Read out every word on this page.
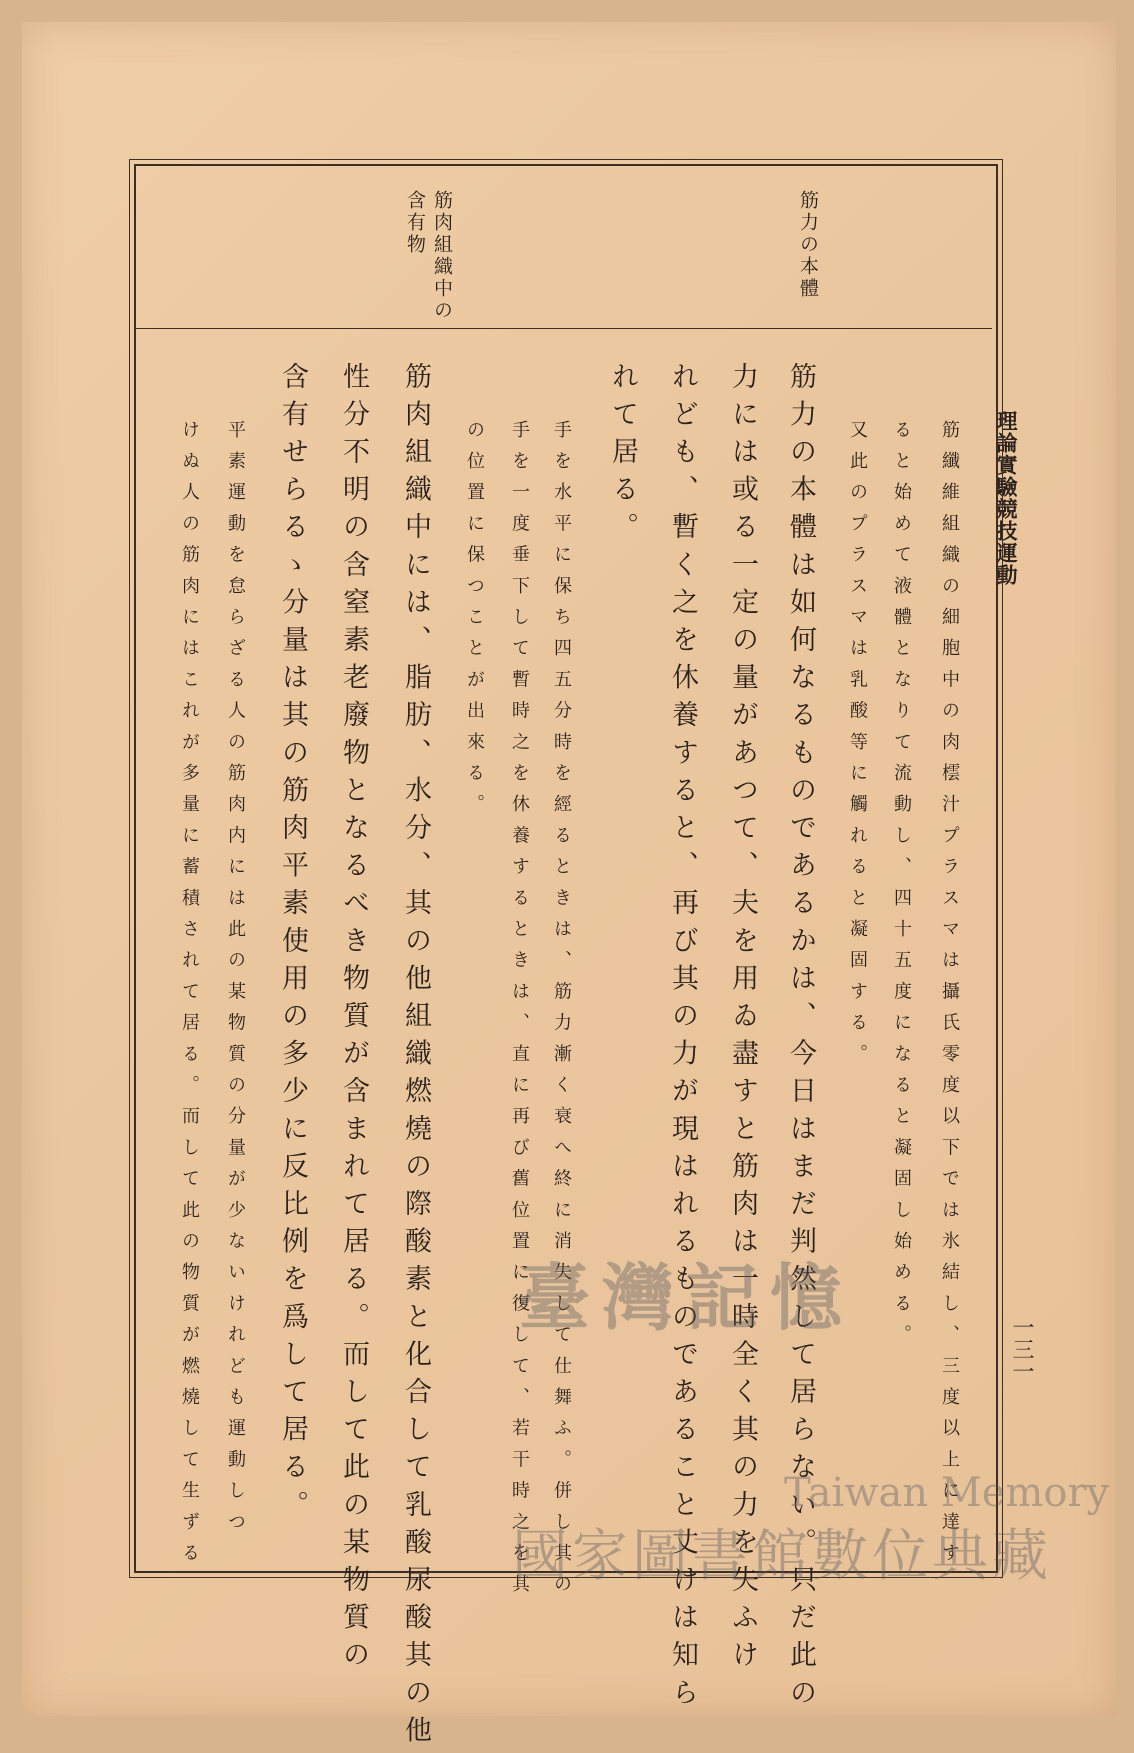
理論實驗競技運動
一三一
筋力の本體
筋肉組織中の
含有物
筋纖維組織の細胞中の肉橒汁プラスマは攝氏零度以下では氷結し、三度以上に達す
ると始めて液體となりて流動し、四十五度になると凝固し始める。
又此のプラスマは乳酸等に觸れると凝固する。
筋力の本體は如何なるものであるかは、今日はまだ判然して居らない。只だ此の
力には或る一定の量があつて、夫を用ゐ盡すと筋肉は一時全く其の力を失ふけ
れども、暫く之を休養すると、再び其の力が現はれるものであること丈けは知ら
れて居る。
手を水平に保ち四五分時を經るときは、筋力漸く衰へ終に消失して仕舞ふ。併し其の
手を一度垂下して暫時之を休養するときは、直に再び舊位置に復して、若干時之を其
の位置に保つことが出來る。
筋肉組織中には、脂肪、水分、其の他組織燃燒の際酸素と化合して乳酸尿酸其の他
性分不明の含窒素老廢物となるべき物質が含まれて居る。而して此の某物質の
含有せらるゝ分量は其の筋肉平素使用の多少に反比例を爲して居る。
平素運動を怠らざる人の筋肉内には此の某物質の分量が少ないけれども運動しつ
けぬ人の筋肉にはこれが多量に蓄積されて居る。而して此の物質が燃燒して生ずる	臺灣記憶
Taiwan Memory
國家圖書館數位典藏
